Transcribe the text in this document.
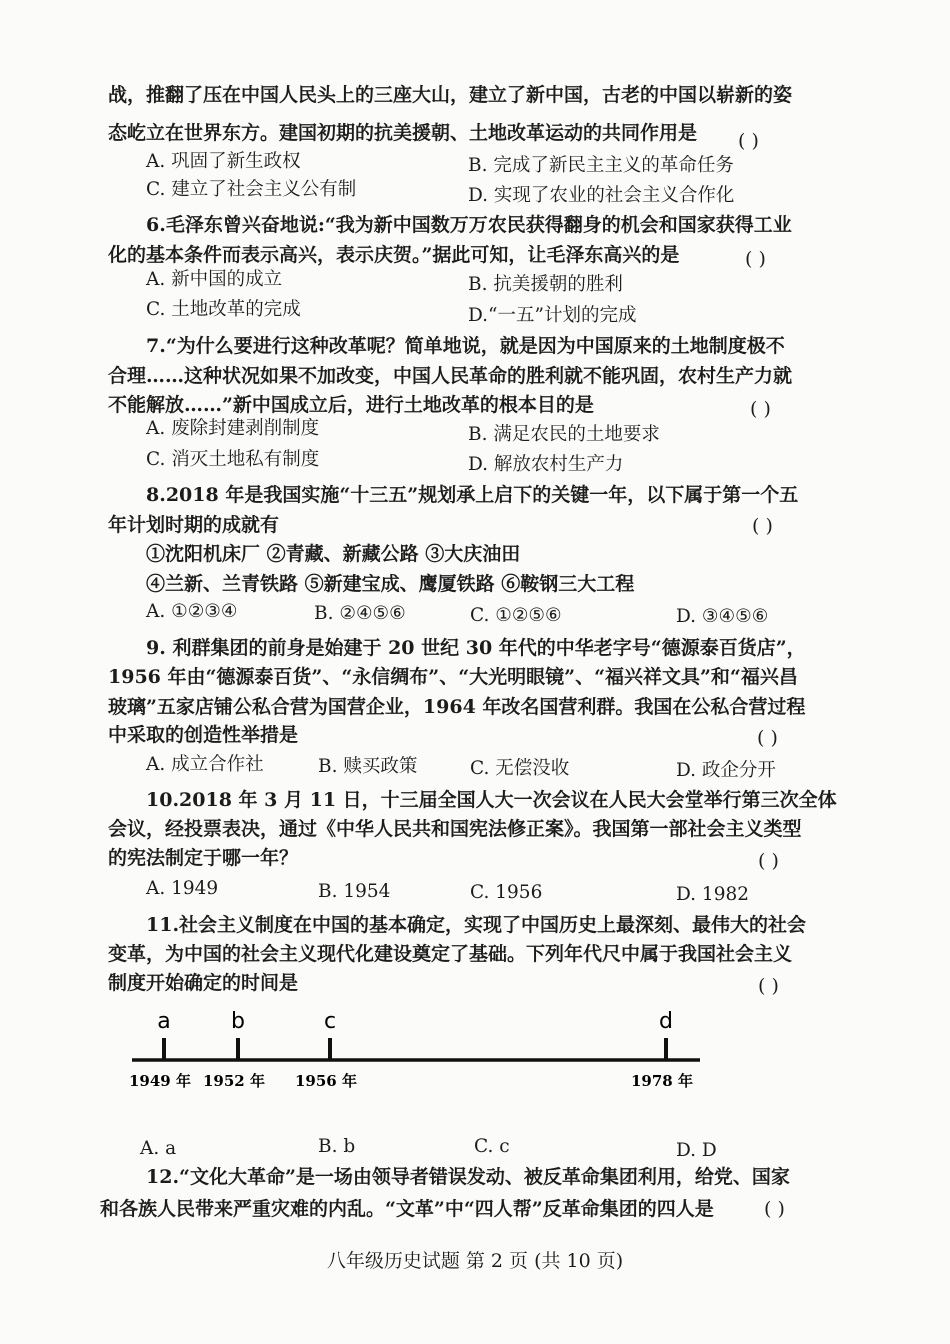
战，推翻了压在中国人民头上的三座大山，建立了新中国，古老的中国以崭新的姿
态屹立在世界东方。建国初期的抗美援朝、土地改革运动的共同作用是 ( )
A. 巩固了新生政权	B. 完成了新民主主义的革命任务
C. 建立了社会主义公有制	D. 实现了农业的社会主义合作化
6.毛泽东曾兴奋地说:“我为新中国数万万农民获得翻身的机会和国家获得工业
化的基本条件而表示高兴，表示庆贺。”据此可知，让毛泽东高兴的是	( )
A. 新中国的成立	B. 抗美援朝的胜利
C. 土地改革的完成	D.“一五”计划的完成
7.“为什么要进行这种改革呢？简单地说，就是因为中国原来的土地制度极不
合理……这种状况如果不加改变，中国人民革命的胜利就不能巩固，农村生产力就
不能解放……”新中国成立后，进行土地改革的根本目的是	( )
A. 废除封建剥削制度	B. 满足农民的土地要求
C. 消灭土地私有制度	D. 解放农村生产力
8.2018 年是我国实施“十三五”规划承上启下的关键一年，以下属于第一个五
年计划时期的成就有	( )
①沈阳机床厂 ②青藏、新藏公路 ③大庆油田
④兰新、兰青铁路 ⑤新建宝成、鹰厦铁路 ⑥鞍钢三大工程
A. ①②③④	B. ②④⑤⑥	C. ①②⑤⑥	D. ③④⑤⑥
9. 利群集团的前身是始建于 20 世纪 30 年代的中华老字号“德源泰百货店”，
1956 年由“德源泰百货”、“永信绸布”、“大光明眼镜”、“福兴祥文具”和“福兴昌
玻璃”五家店铺公私合营为国营企业，1964 年改名国营利群。我国在公私合营过程
中采取的创造性举措是	( )
A. 成立合作社	B. 赎买政策	C. 无偿没收	D. 政企分开
10.2018 年 3 月 11 日，十三届全国人大一次会议在人民大会堂举行第三次全体
会议，经投票表决，通过《中华人民共和国宪法修正案》。我国第一部社会主义类型
的宪法制定于哪一年？	( )
A. 1949	B. 1954	C. 1956	D. 1982
11.社会主义制度在中国的基本确定，实现了中国历史上最深刻、最伟大的社会
变革，为中国的社会主义现代化建设奠定了基础。下列年代尺中属于我国社会主义
制度开始确定的时间是	( )
a
1949 年
b
1952 年
c
1956 年
d
1978 年
A. a	B. b	C. c	D. D
12.“文化大革命”是一场由领导者错误发动、被反革命集团利用，给党、国家
和各族人民带来严重灾难的内乱。“文革”中“四人帮”反革命集团的四人是	( )
八年级历史试题 第 2 页 (共 10 页)
